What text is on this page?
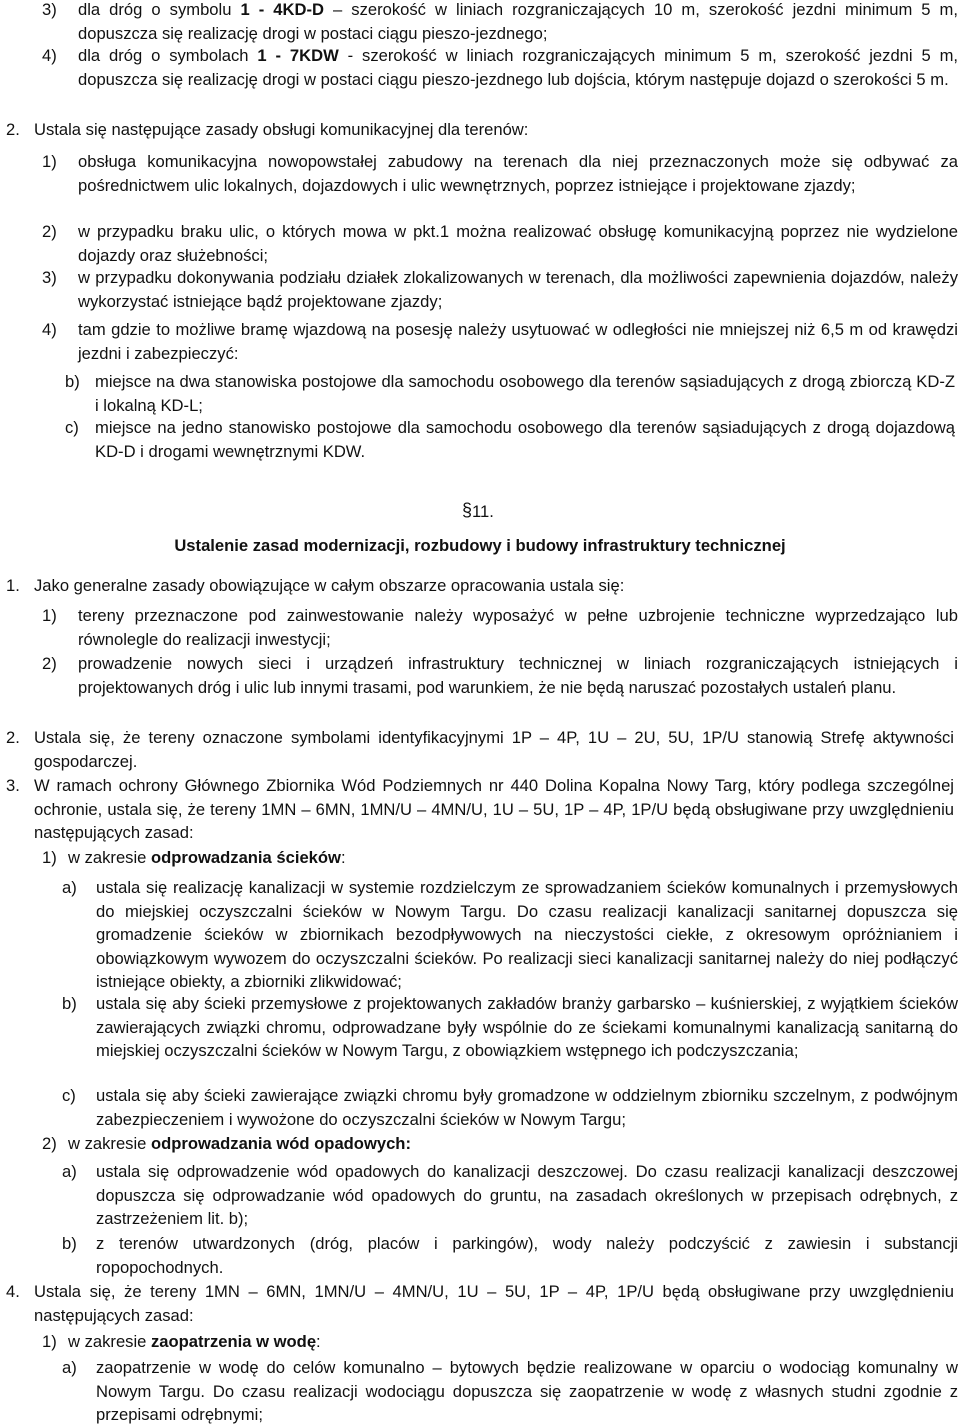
3) dla dróg o symbolu 1 - 4KD-D – szerokość w liniach rozgraniczających 10 m, szerokość jezdni minimum 5 m, dopuszcza się realizację drogi w postaci ciągu pieszo-jezdnego;

4) dla dróg o symbolach 1 - 7KDW - szerokość w liniach rozgraniczających minimum 5 m, szerokość jezdni 5 m, dopuszcza się realizację drogi w postaci ciągu pieszo-jezdnego lub dojścia, którym następuje dojazd o szerokości 5 m.

2. Ustala się następujące zasady obsługi komunikacyjnej dla terenów:

1) obsługa komunikacyjna nowopowstałej zabudowy na terenach dla niej przeznaczonych może się odbywać za pośrednictwem ulic lokalnych, dojazdowych i ulic wewnętrznych, poprzez istniejące i projektowane zjazdy;

2) w przypadku braku ulic, o których mowa w pkt.1 można realizować obsługę komunikacyjną poprzez nie wydzielone dojazdy oraz służebności;

3) w przypadku dokonywania podziału działek zlokalizowanych w terenach, dla możliwości zapewnienia dojazdów, należy wykorzystać istniejące bądź projektowane zjazdy;

4) tam gdzie to możliwe bramę wjazdową na posesję należy usytuować w odległości nie mniejszej niż 6,5 m od krawędzi jezdni i zabezpieczyć:

b) miejsce na dwa stanowiska postojowe dla samochodu osobowego dla terenów sąsiadujących z drogą zbiorczą KD-Z i lokalną KD-L;

c) miejsce na jedno stanowisko postojowe dla samochodu osobowego dla terenów sąsiadujących z drogą dojazdową KD-D i drogami wewnętrznymi KDW.

§ 11.

Ustalenie zasad modernizacji, rozbudowy i budowy infrastruktury technicznej

1. Jako generalne zasady obowiązujące w całym obszarze opracowania ustala się:

1) tereny przeznaczone pod zainwestowanie należy wyposażyć w pełne uzbrojenie techniczne wyprzedzająco lub równolegle do realizacji inwestycji;

2) prowadzenie nowych sieci i urządzeń infrastruktury technicznej w liniach rozgraniczających istniejących i projektowanych dróg i ulic lub innymi trasami, pod warunkiem, że nie będą naruszać pozostałych ustaleń planu.

2. Ustala się, że tereny oznaczone symbolami identyfikacyjnymi 1P – 4P, 1U – 2U, 5U, 1P/U stanowią Strefę aktywności gospodarczej.

3. W ramach ochrony Głównego Zbiornika Wód Podziemnych nr 440 Dolina Kopalna Nowy Targ, który podlega szczególnej ochronie, ustala się, że tereny 1MN – 6MN, 1MN/U – 4MN/U, 1U – 5U, 1P – 4P, 1P/U będą obsługiwane przy uwzględnieniu następujących zasad:

1) w zakresie odprowadzania ścieków:

a) ustala się realizację kanalizacji w systemie rozdzielczym ze sprowadzaniem ścieków komunalnych i przemysłowych do miejskiej oczyszczalni ścieków w Nowym Targu. Do czasu realizacji kanalizacji sanitarnej dopuszcza się gromadzenie ścieków w zbiornikach bezodpływowych na nieczystości ciekłe, z okresowym opróżnianiem i obowiązkowym wywozem do oczyszczalni ścieków. Po realizacji sieci kanalizacji sanitarnej należy do niej podłączyć istniejące obiekty, a zbiorniki zlikwidować;

b) ustala się aby ścieki przemysłowe z projektowanych zakładów branży garbarsko – kuśnierskiej, z wyjątkiem ścieków zawierających związki chromu, odprowadzane były wspólnie do ze ściekami komunalnymi kanalizacją sanitarną do miejskiej oczyszczalni ścieków w Nowym Targu, z obowiązkiem wstępnego ich podczyszczania;

c) ustala się aby ścieki zawierające związki chromu były gromadzone w oddzielnym zbiorniku szczelnym, z podwójnym zabezpieczeniem i wywożone do oczyszczalni ścieków w Nowym Targu;

2) w zakresie odprowadzania wód opadowych:

a) ustala się odprowadzenie wód opadowych do kanalizacji deszczowej. Do czasu realizacji kanalizacji deszczowej dopuszcza się odprowadzanie wód opadowych do gruntu, na zasadach określonych w przepisach odrębnych, z zastrzeżeniem lit. b);

b) z terenów utwardzonych (dróg, placów i parkingów), wody należy podczyścić z zawiesin i substancji ropopochodnych.

4. Ustala się, że tereny 1MN – 6MN, 1MN/U – 4MN/U, 1U – 5U, 1P – 4P, 1P/U będą obsługiwane przy uwzględnieniu następujących zasad:

1) w zakresie zaopatrzenia w wodę:

a) zaopatrzenie w wodę do celów komunalno – bytowych będzie realizowane w oparciu o wodociąg komunalny w Nowym Targu. Do czasu realizacji wodociągu dopuszcza się zaopatrzenie w wodę z własnych studni zgodnie z przepisami odrębnymi;
